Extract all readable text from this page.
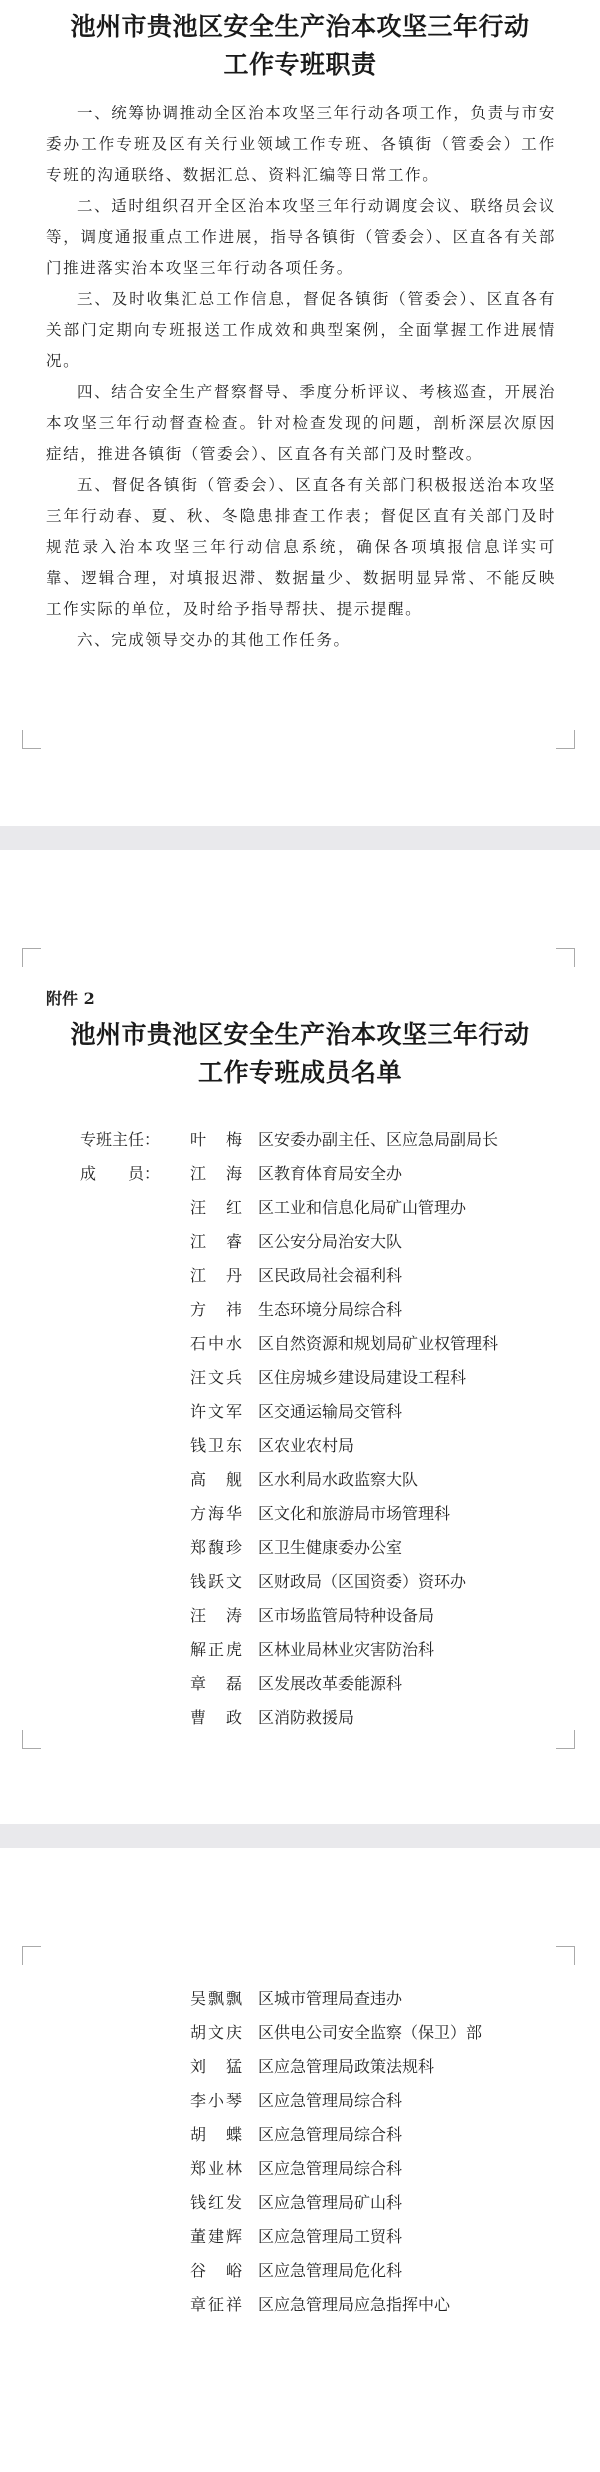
池州市贵池区安全生产治本攻坚三年行动

工作专班职责

一、统筹协调推动全区治本攻坚三年行动各项工作，负责与市安委办工作专班及区有关行业领域工作专班、各镇街（管委会）工作专班的沟通联络、数据汇总、资料汇编等日常工作。

二、适时组织召开全区治本攻坚三年行动调度会议、联络员会议等，调度通报重点工作进展，指导各镇街（管委会）、区直各有关部门推进落实治本攻坚三年行动各项任务。

三、及时收集汇总工作信息，督促各镇街（管委会）、区直各有关部门定期向专班报送工作成效和典型案例，全面掌握工作进展情况。

四、结合安全生产督察督导、季度分析评议、考核巡查，开展治本攻坚三年行动督查检查。针对检查发现的问题，剖析深层次原因症结，推进各镇街（管委会）、区直各有关部门及时整改。

五、督促各镇街（管委会）、区直各有关部门积极报送治本攻坚三年行动春、夏、秋、冬隐患排查工作表；督促区直有关部门及时规范录入治本攻坚三年行动信息系统，确保各项填报信息详实可靠、逻辑合理，对填报迟滞、数据量少、数据明显异常、不能反映工作实际的单位，及时给予指导帮扶、提示提醒。

六、完成领导交办的其他工作任务。

附件 2

池州市贵池区安全生产治本攻坚三年行动

工作专班成员名单

专班主任：	叶　梅 区安委办副主任、区应急局副局长
成　　员：	江　海 区教育体育局安全办
汪　红 区工业和信息化局矿山管理办
江　睿 区公安分局治安大队
江　丹 区民政局社会福利科
方　祎 生态环境分局综合科
石中水 区自然资源和规划局矿业权管理科
汪文兵 区住房城乡建设局建设工程科
许文军 区交通运输局交管科
钱卫东 区农业农村局
高　舰 区水利局水政监察大队
方海华 区文化和旅游局市场管理科
郑馥珍 区卫生健康委办公室
钱跃文 区财政局（区国资委）资环办
汪　涛 区市场监管局特种设备局
解正虎 区林业局林业灾害防治科
章　磊 区发展改革委能源科
曹　政 区消防救援局
吴飘飘 区城市管理局查违办
胡文庆 区供电公司安全监察（保卫）部
刘　猛 区应急管理局政策法规科
李小琴 区应急管理局综合科
胡　蝶 区应急管理局综合科
郑业林 区应急管理局综合科
钱红发 区应急管理局矿山科
董建辉 区应急管理局工贸科
谷　峪 区应急管理局危化科
章征祥 区应急管理局应急指挥中心
